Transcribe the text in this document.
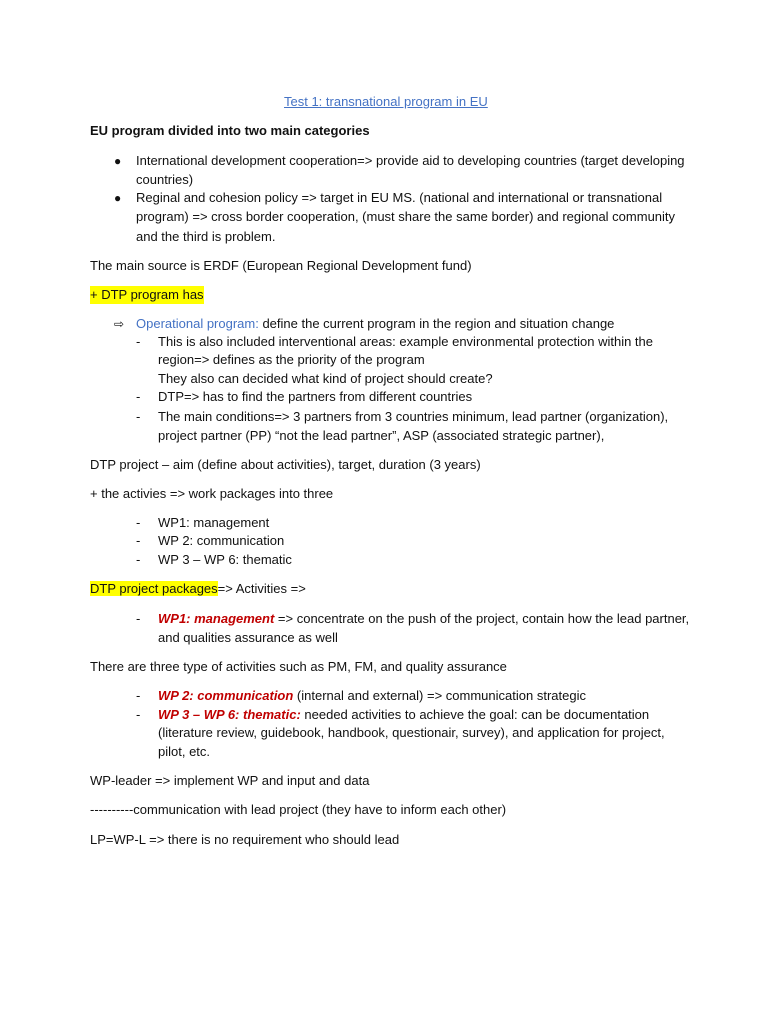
Test 1: transnational program in EU
EU program divided into two main categories
● International development cooperation=> provide aid to developing countries (target developing
countries)
● Reginal and cohesion policy => target in EU MS. (national and international or transnational
program) => cross border cooperation, (must share the same border) and regional community
and the third is problem.
The main source is ERDF (European Regional Development fund)
+ DTP program has
⇨ Operational program: define the current program in the region and situation change
- This is also included interventional areas: example environmental protection within the
region=> defines as the priority of the program
They also can decided what kind of project should create?
- DTP=> has to find the partners from different countries
- The main conditions=> 3 partners from 3 countries minimum, lead partner (organization),
project partner (PP) “not the lead partner”, ASP (associated strategic partner),
DTP project – aim (define about activities), target, duration (3 years)
+ the activies => work packages into three
- WP1: management
- WP 2: communication
- WP 3 – WP 6: thematic
DTP project packages=> Activities =>
- WP1: management => concentrate on the push of the project, contain how the lead partner,
and qualities assurance as well
There are three type of activities such as PM, FM, and quality assurance
- WP 2: communication (internal and external) => communication strategic
- WP 3 – WP 6: thematic: needed activities to achieve the goal: can be documentation
(literature review, guidebook, handbook, questionair, survey), and application for project,
pilot, etc.
WP-leader => implement WP and input and data
----------communication with lead project (they have to inform each other)
LP=WP-L => there is no requirement who should lead
